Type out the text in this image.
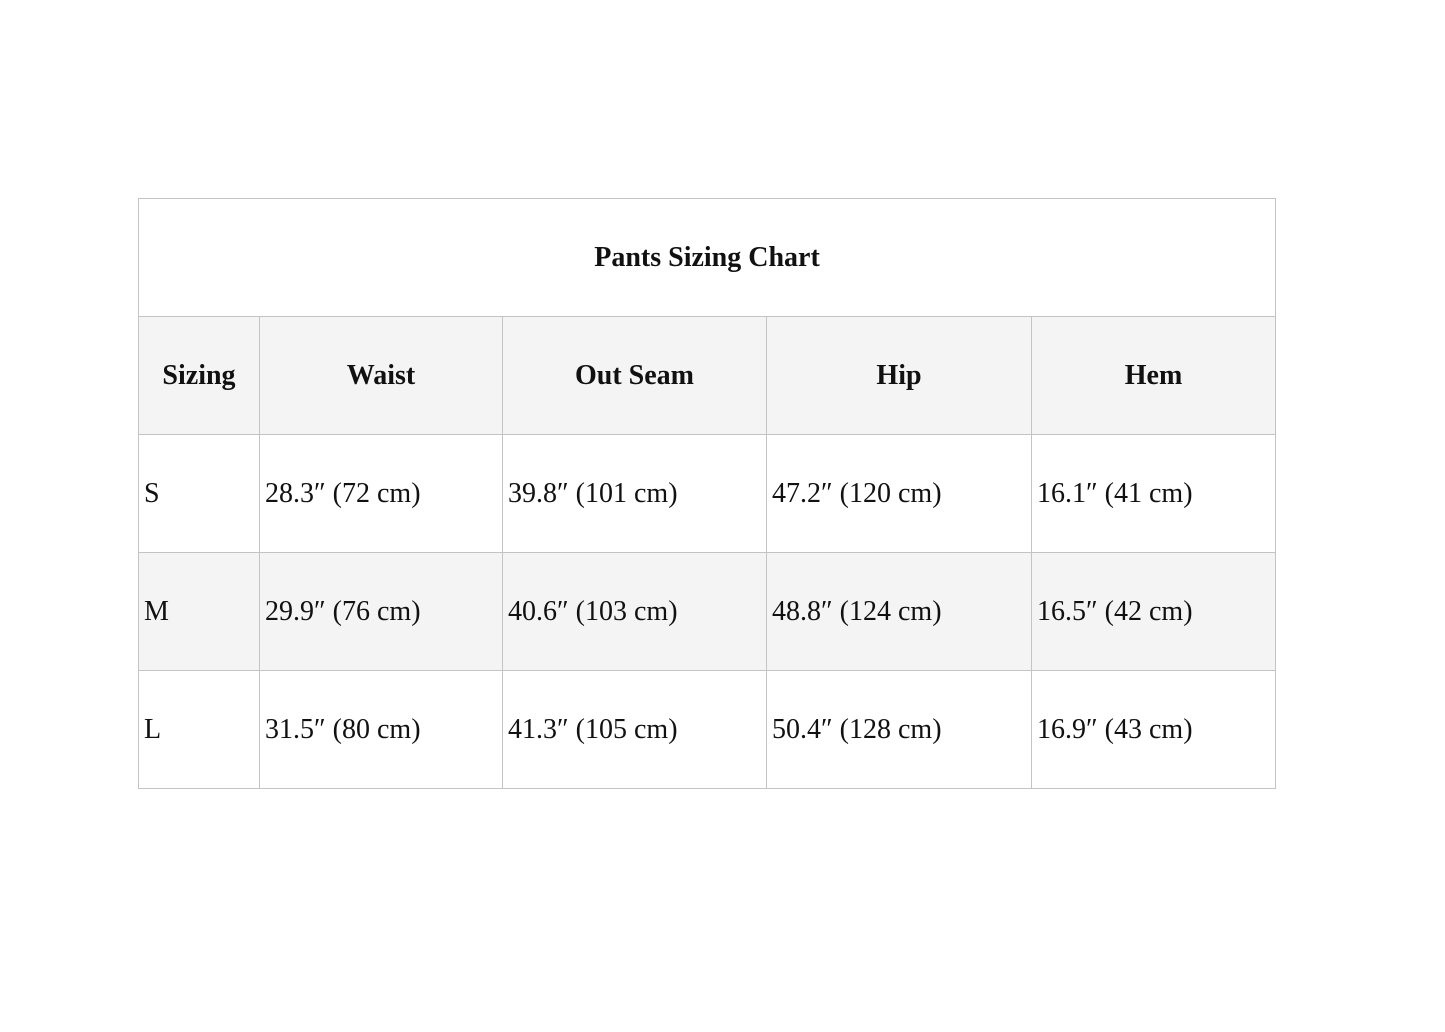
Pants Sizing Chart				
Sizing	Waist	Out Seam	Hip	Hem
S	28.3″ (72 cm)	39.8″ (101 cm)	47.2″ (120 cm)	16.1″ (41 cm)
M	29.9″ (76 cm)	40.6″ (103 cm)	48.8″ (124 cm)	16.5″ (42 cm)
L	31.5″ (80 cm)	41.3″ (105 cm)	50.4″ (128 cm)	16.9″ (43 cm)
